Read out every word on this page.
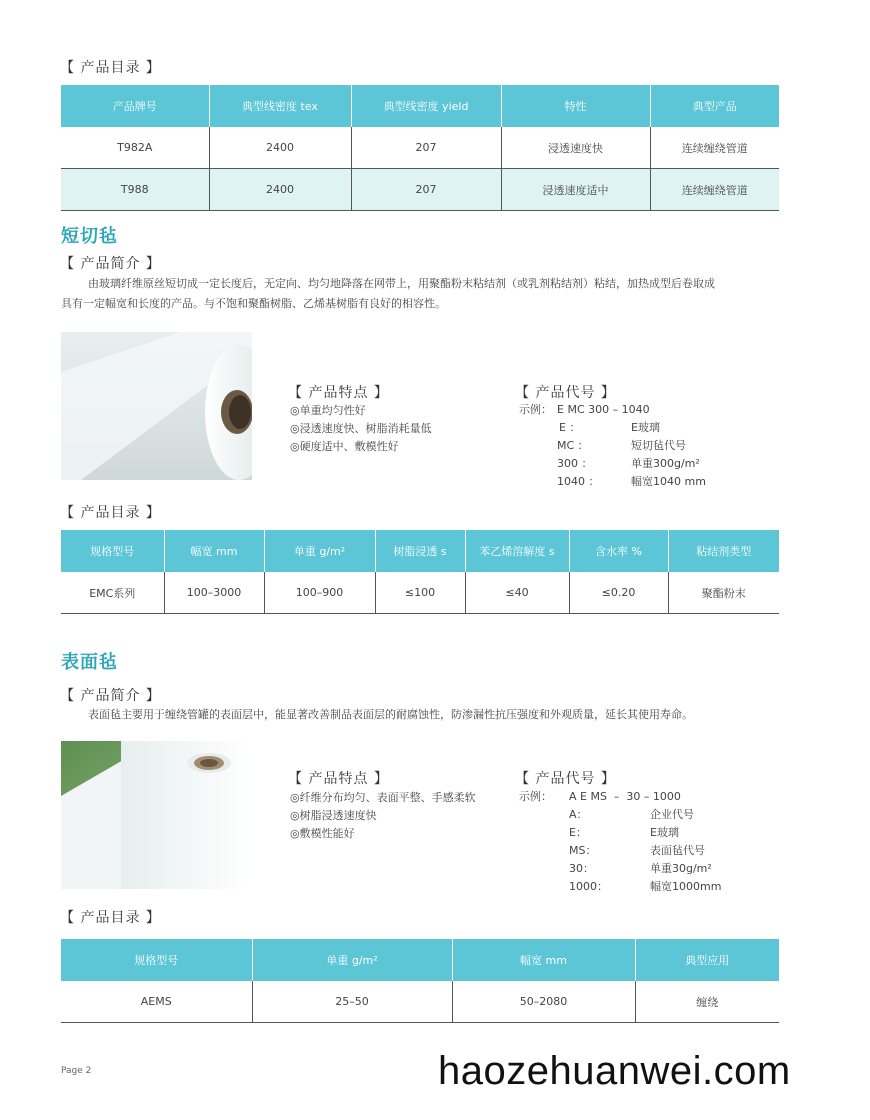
【 产品目录 】
产品牌号	典型线密度 tex	典型线密度 yield	特性	典型产品
T982A	2400	207	浸透速度快	连续缠绕管道
T988	2400	207	浸透速度适中	连续缠绕管道
短切毡
【 产品简介 】
由玻璃纤维原丝短切成一定长度后，无定向、均匀地降落在网带上，用聚酯粉末粘结剂（或乳剂粘结剂）粘结，加热成型后卷取成
具有一定幅宽和长度的产品。与不饱和聚酯树脂、乙烯基树脂有良好的相容性。
【 产品特点 】
◎单重均匀性好
◎浸透速度快、树脂消耗量低
◎硬度适中、敷模性好
【 产品代号 】
示例： E MC 300 – 1040
E ：	E玻璃
MC ：	短切毡代号
300 ：	单重300g/m²
1040 ：	幅宽1040 mm
【 产品目录 】
规格型号	幅宽 mm	单重 g/m²	树脂浸透 s	苯乙烯溶解度 s	含水率 %	粘结剂类型
EMC系列	100–3000	100–900	≤100	≤40	≤0.20	聚酯粉末
表面毡
【 产品简介 】
表面毡主要用于缠绕管罐的表面层中，能显著改善制品表面层的耐腐蚀性，防渗漏性抗压强度和外观质量，延长其使用寿命。
【 产品特点 】
◎纤维分布均匀、表面平整、手感柔软
◎树脂浸透速度快
◎敷模性能好
【 产品代号 】
示例： A E MS  –  30 – 1000
A：	企业代号
E：	E玻璃
MS：	表面毡代号
30：	单重30g/m²
1000：	幅宽1000mm
【 产品目录 】
规格型号	单重 g/m²	幅宽 mm	典型应用
AEMS	25–50	50–2080	缠绕
Page 2	haozehuanwei.com
